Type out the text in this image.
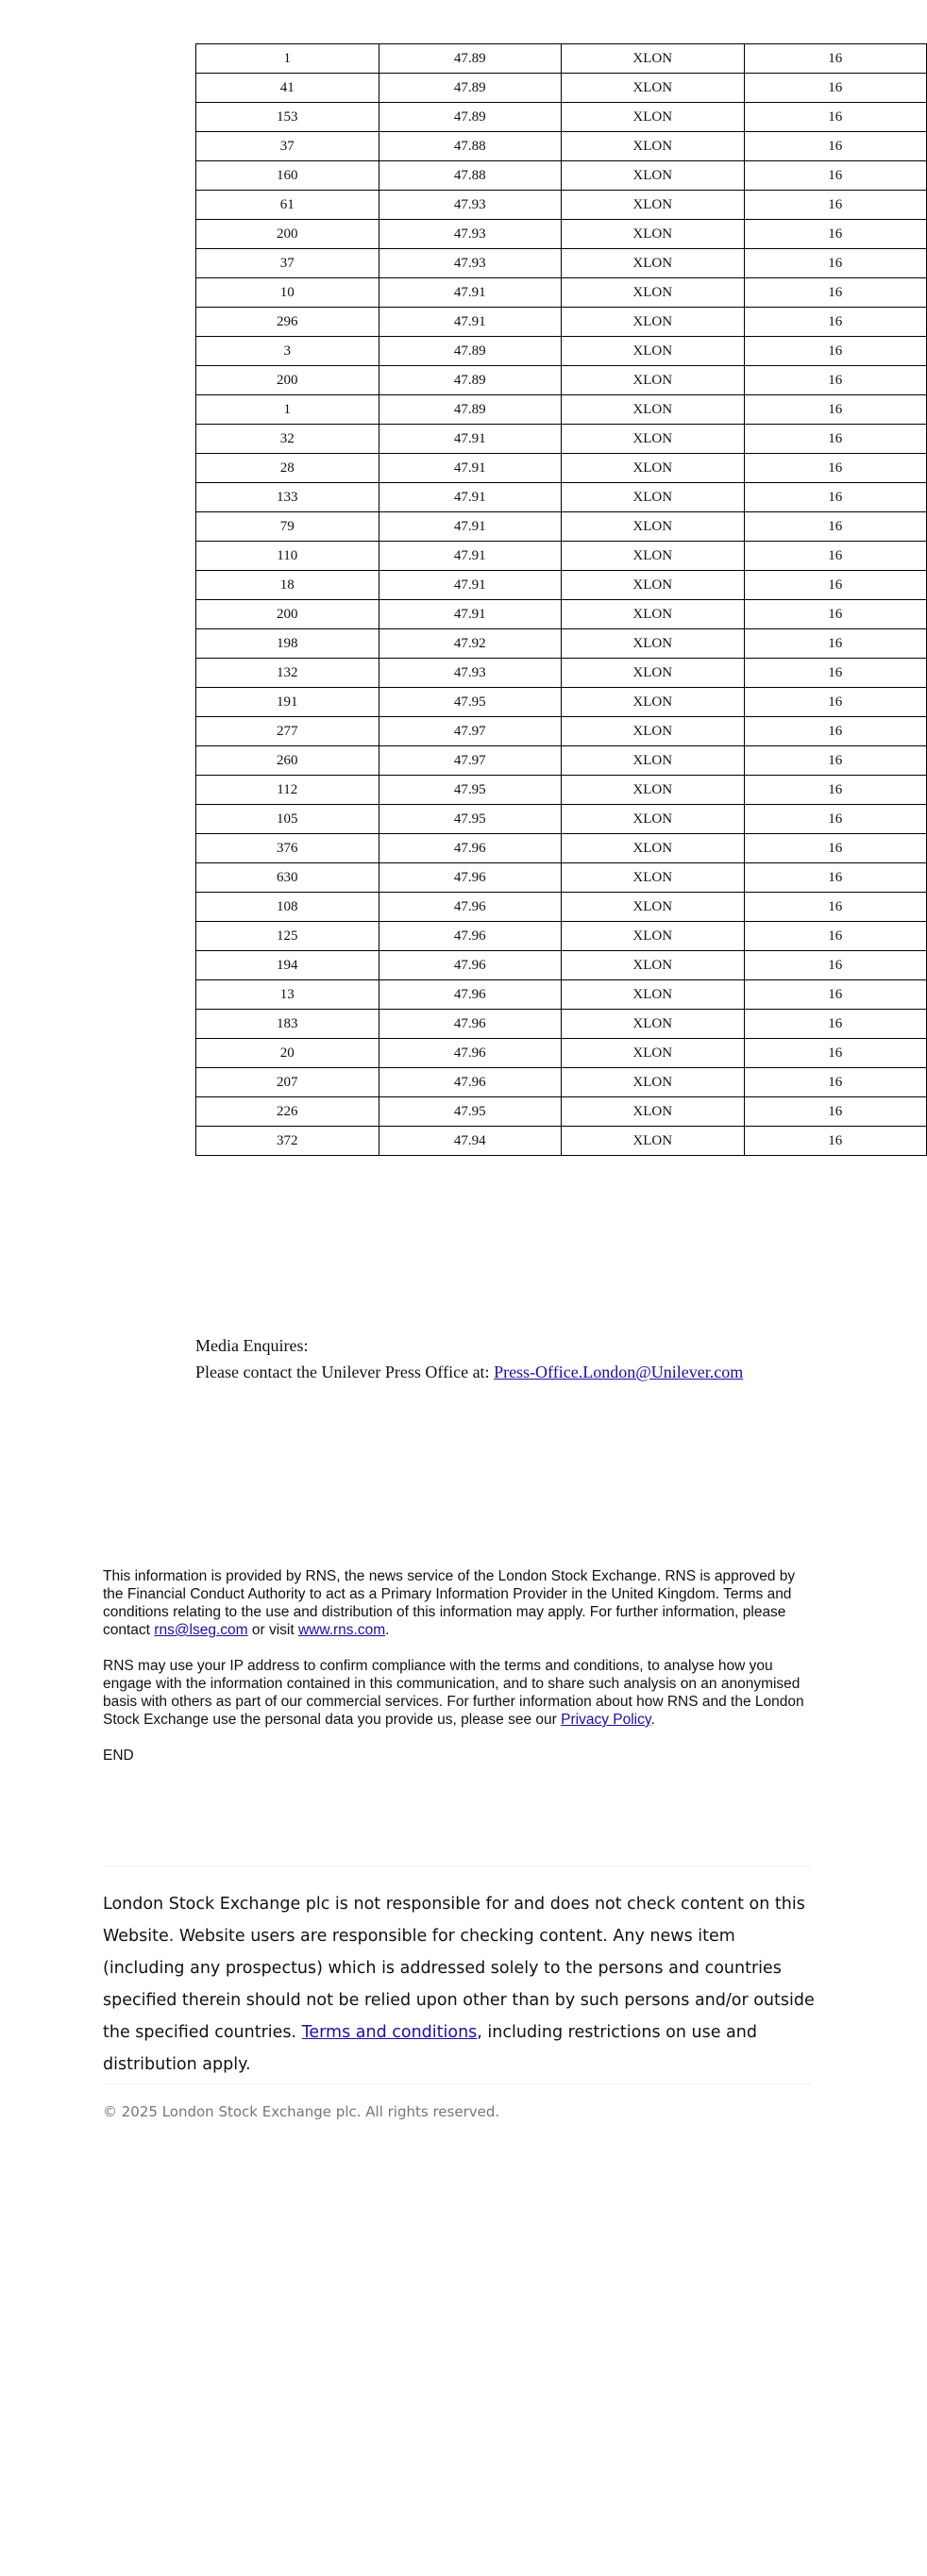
1	47.89	XLON	16
41	47.89	XLON	16
153	47.89	XLON	16
37	47.88	XLON	16
160	47.88	XLON	16
61	47.93	XLON	16
200	47.93	XLON	16
37	47.93	XLON	16
10	47.91	XLON	16
296	47.91	XLON	16
3	47.89	XLON	16
200	47.89	XLON	16
1	47.89	XLON	16
32	47.91	XLON	16
28	47.91	XLON	16
133	47.91	XLON	16
79	47.91	XLON	16
110	47.91	XLON	16
18	47.91	XLON	16
200	47.91	XLON	16
198	47.92	XLON	16
132	47.93	XLON	16
191	47.95	XLON	16
277	47.97	XLON	16
260	47.97	XLON	16
112	47.95	XLON	16
105	47.95	XLON	16
376	47.96	XLON	16
630	47.96	XLON	16
108	47.96	XLON	16
125	47.96	XLON	16
194	47.96	XLON	16
13	47.96	XLON	16
183	47.96	XLON	16
20	47.96	XLON	16
207	47.96	XLON	16
226	47.95	XLON	16
372	47.94	XLON	16
Media Enquires:
Please contact the Unilever Press Office at: Press-Office.London@Unilever.com

This information is provided by RNS, the news service of the London Stock Exchange. RNS is approved by the Financial Conduct Authority to act as a Primary Information Provider in the United Kingdom. Terms and conditions relating to the use and distribution of this information may apply. For further information, please contact rns@lseg.com or visit www.rns.com.

RNS may use your IP address to confirm compliance with the terms and conditions, to analyse how you engage with the information contained in this communication, and to share such analysis on an anonymised basis with others as part of our commercial services. For further information about how RNS and the London Stock Exchange use the personal data you provide us, please see our Privacy Policy.

END

London Stock Exchange plc is not responsible for and does not check content on this Website. Website users are responsible for checking content. Any news item (including any prospectus) which is addressed solely to the persons and countries specified therein should not be relied upon other than by such persons and/or outside the specified countries. Terms and conditions, including restrictions on use and distribution apply.
© 2025 London Stock Exchange plc. All rights reserved.
